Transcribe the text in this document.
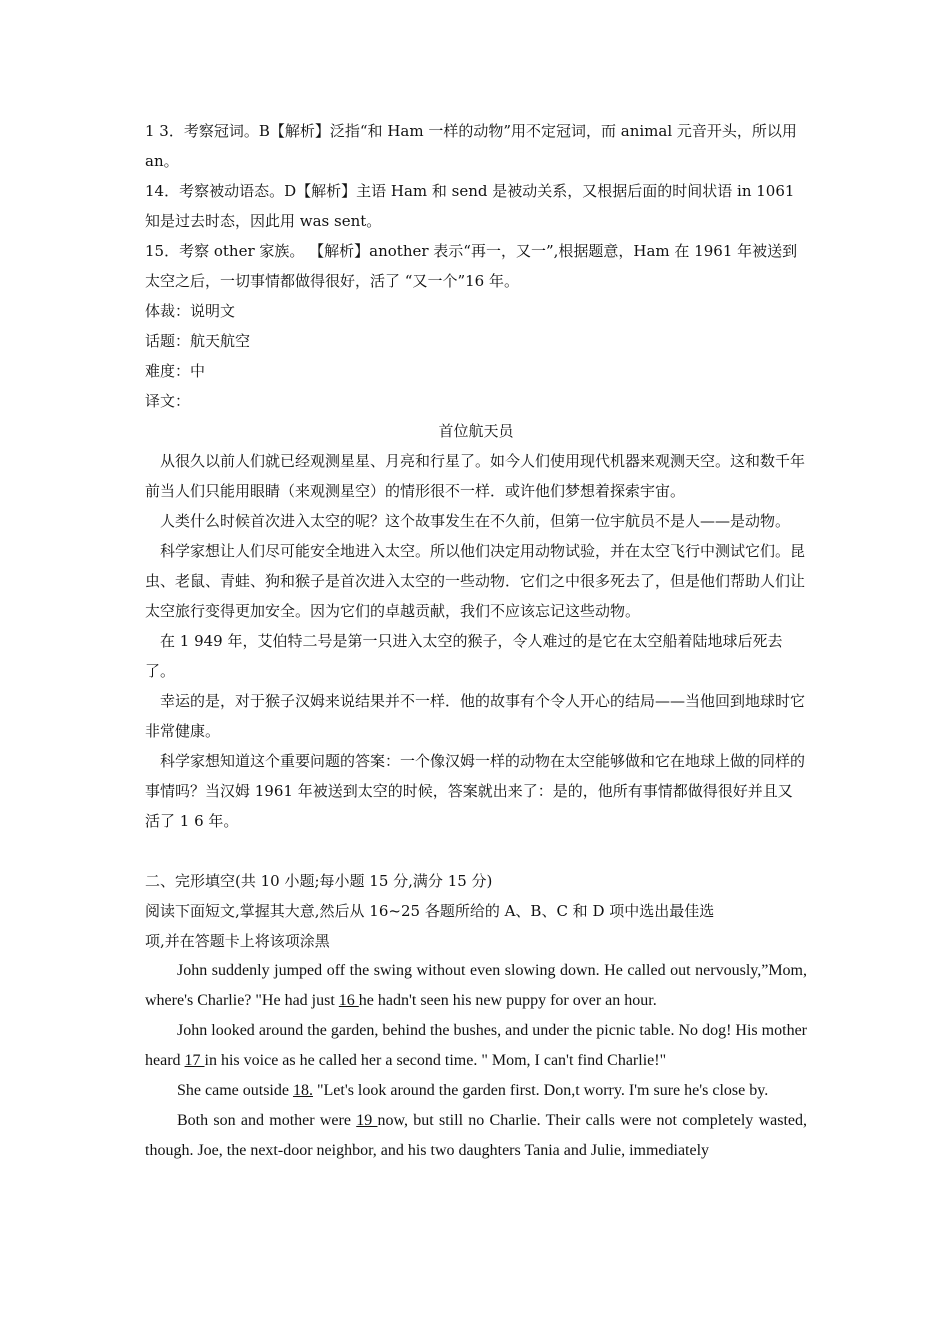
1 3．考察冠词。B【解析】泛指“和 Ham 一样的动物”用不定冠词，而 animal 元音开头，所以用 an。

14．考察被动语态。D【解析】主语 Ham 和 send 是被动关系，又根据后面的时间状语 in 1061 知是过去时态，因此用 was sent。

15．考察 other 家族。 【解析】another 表示“再一，又一”,根据题意，Ham 在 1961 年被送到太空之后，一切事情都做得很好，活了 “又一个”16 年。

体裁：说明文

话题：航天航空

难度：中

译文：

首位航天员

从很久以前人们就已经观测星星、月亮和行星了。如今人们使用现代机器来观测天空。这和数千年前当人们只能用眼睛（来观测星空）的情形很不一样．或许他们梦想着探索宇宙。

人类什么时候首次进入太空的呢？这个故事发生在不久前，但第一位宇航员不是人——是动物。

科学家想让人们尽可能安全地进入太空。所以他们决定用动物试验，并在太空飞行中测试它们。昆虫、老鼠、青蛙、狗和猴子是首次进入太空的一些动物．它们之中很多死去了，但是他们帮助人们让太空旅行变得更加安全。因为它们的卓越贡献，我们不应该忘记这些动物。

在 1 949 年，艾伯特二号是第一只进入太空的猴子，令人难过的是它在太空船着陆地球后死去了。

幸运的是，对于猴子汉姆来说结果并不一样．他的故事有个令人开心的结局——当他回到地球时它非常健康。

科学家想知道这个重要问题的答案：一个像汉姆一样的动物在太空能够做和它在地球上做的同样的事情吗？当汉姆 1961 年被送到太空的时候，答案就出来了：是的，他所有事情都做得很好并且又活了 1 6 年。

二、完形填空(共 10 小题;每小题 15 分,满分 15 分)

阅读下面短文,掌握其大意,然后从 16~25 各题所给的 A、B、C 和 D 项中选出最佳选

项,并在答题卡上将该项涂黑

John suddenly jumped off the swing without even slowing down. He called out nervously,”Mom, where's Charlie? "He had just 16 he hadn't seen his new puppy for over an hour.

John looked around the garden, behind the bushes, and under the picnic table. No dog! His mother heard 17 in his voice as he called her a second time. " Mom, I can't find Charlie!"

She came outside 18. "Let's look around the garden first. Don,t worry. I'm sure he's close by.

Both son and mother were 19 now, but still no Charlie. Their calls were not completely wasted, though. Joe, the next-door neighbor, and his two daughters Tania and Julie, immediately
